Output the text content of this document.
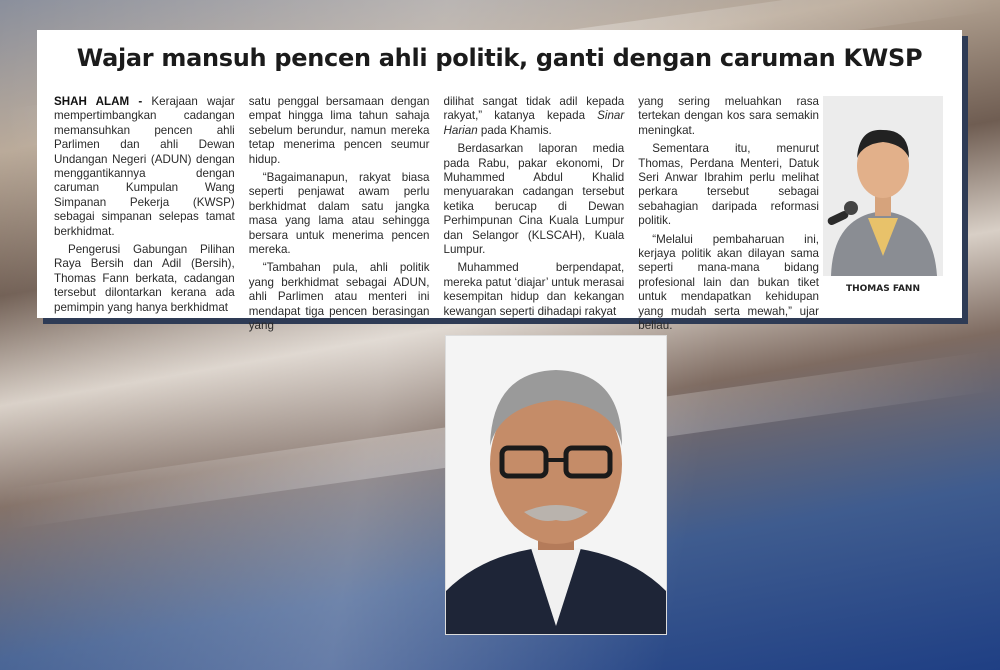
Wajar mansuh pencen ahli politik, ganti dengan caruman KWSP

SHAH ALAM - Kerajaan wajar mempertimbangkan cadangan memansuhkan pencen ahli Parlimen dan ahli Dewan Undangan Negeri (ADUN) dengan menggantikannya dengan caruman Kumpulan Wang Simpanan Pekerja (KWSP) sebagai simpanan selepas tamat berkhidmat.

Pengerusi Gabungan Pilihan Raya Bersih dan Adil (Bersih), Thomas Fann berkata, cadangan tersebut dilontarkan kerana ada pemimpin yang hanya berkhidmat

satu penggal bersamaan dengan empat hingga lima tahun sahaja sebelum berundur, namun mereka tetap menerima pencen seumur hidup.

“Bagaimanapun, rakyat biasa seperti penjawat awam perlu berkhidmat dalam satu jangka masa yang lama atau sehingga bersara untuk menerima pencen mereka.

“Tambahan pula, ahli politik yang berkhidmat sebagai ADUN, ahli Parlimen atau menteri ini mendapat tiga pencen berasingan yang

dilihat sangat tidak adil kepada rakyat,” katanya kepada Sinar Harian pada Khamis.

Berdasarkan laporan media pada Rabu, pakar ekonomi, Dr Muhammed Abdul Khalid menyuarakan cadangan tersebut ketika berucap di Dewan Perhimpunan Cina Kuala Lumpur dan Selangor (KLSCAH), Kuala Lumpur.

Muhammed berpendapat, mereka patut ‘diajar’ untuk merasai kesempitan hidup dan kekangan kewangan seperti dihadapi rakyat

yang sering meluahkan rasa tertekan dengan kos sara semakin meningkat.

Sementara itu, menurut Thomas, Perdana Menteri, Datuk Seri Anwar Ibrahim perlu melihat perkara tersebut sebagai sebahagian daripada reformasi politik.

“Melalui pembaharuan ini, kerjaya politik akan dilayan sama seperti mana-mana bidang profesional lain dan bukan tiket untuk mendapatkan kehidupan yang mudah serta mewah,” ujar beliau.

THOMAS FANN
